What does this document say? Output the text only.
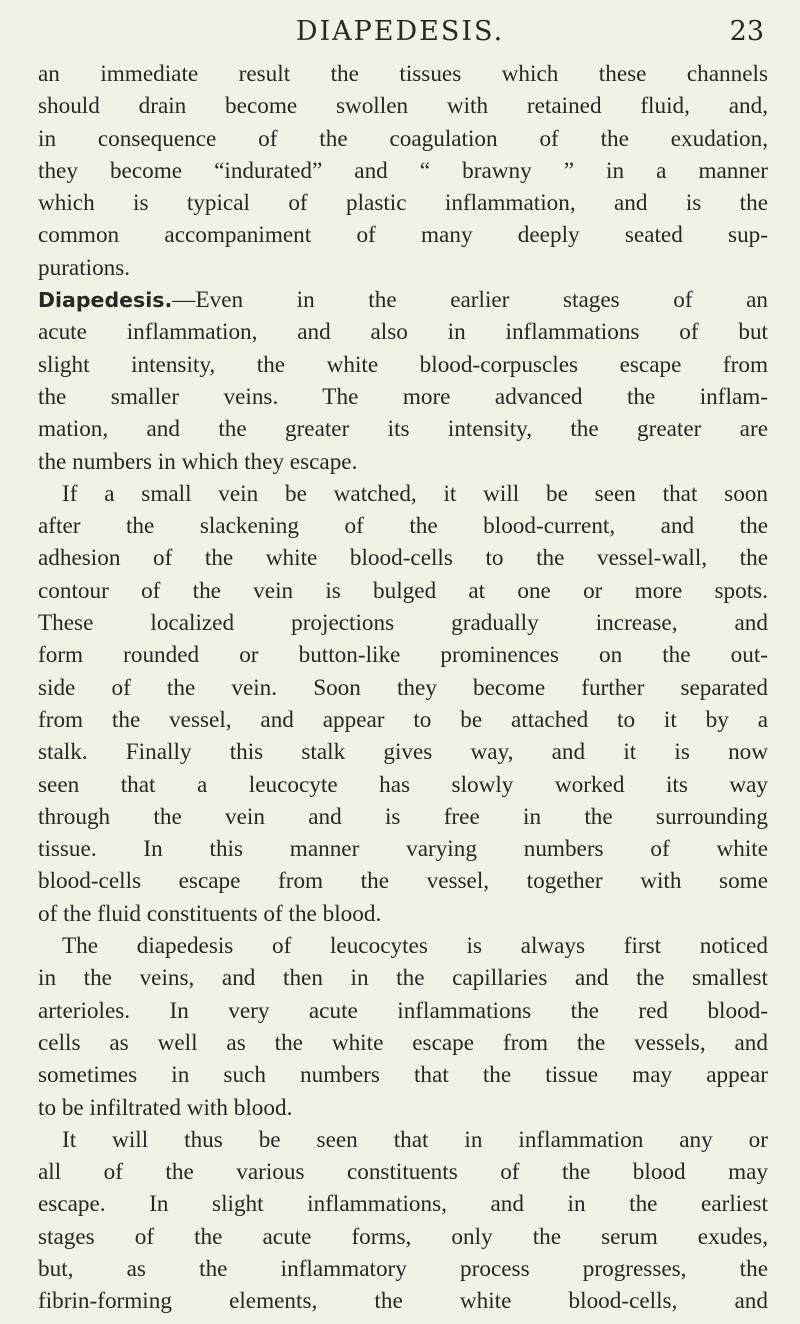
DIAPEDESIS.	23
an immediate result the tissues which these channels
should drain become swollen with retained fluid, and,
in consequence of the coagulation of the exudation,
they become “indurated” and “ brawny ” in a manner
which is typical of plastic inflammation, and is the
common accompaniment of many deeply seated sup-
purations.
Diapedesis.—Even in the earlier stages of an
acute inflammation, and also in inflammations of but
slight intensity, the white blood-corpuscles escape from
the smaller veins. The more advanced the inflam-
mation, and the greater its intensity, the greater are
the numbers in which they escape.
If a small vein be watched, it will be seen that soon
after the slackening of the blood-current, and the
adhesion of the white blood-cells to the vessel-wall, the
contour of the vein is bulged at one or more spots.
These localized projections gradually increase, and
form rounded or button-like prominences on the out-
side of the vein. Soon they become further separated
from the vessel, and appear to be attached to it by a
stalk. Finally this stalk gives way, and it is now
seen that a leucocyte has slowly worked its way
through the vein and is free in the surrounding
tissue. In this manner varying numbers of white
blood-cells escape from the vessel, together with some
of the fluid constituents of the blood.
The diapedesis of leucocytes is always first noticed
in the veins, and then in the capillaries and the smallest
arterioles. In very acute inflammations the red blood-
cells as well as the white escape from the vessels, and
sometimes in such numbers that the tissue may appear
to be infiltrated with blood.
It will thus be seen that in inflammation any or
all of the various constituents of the blood may
escape. In slight inflammations, and in the earliest
stages of the acute forms, only the serum exudes,
but, as the inflammatory process progresses, the
fibrin-forming elements, the white blood-cells, and
